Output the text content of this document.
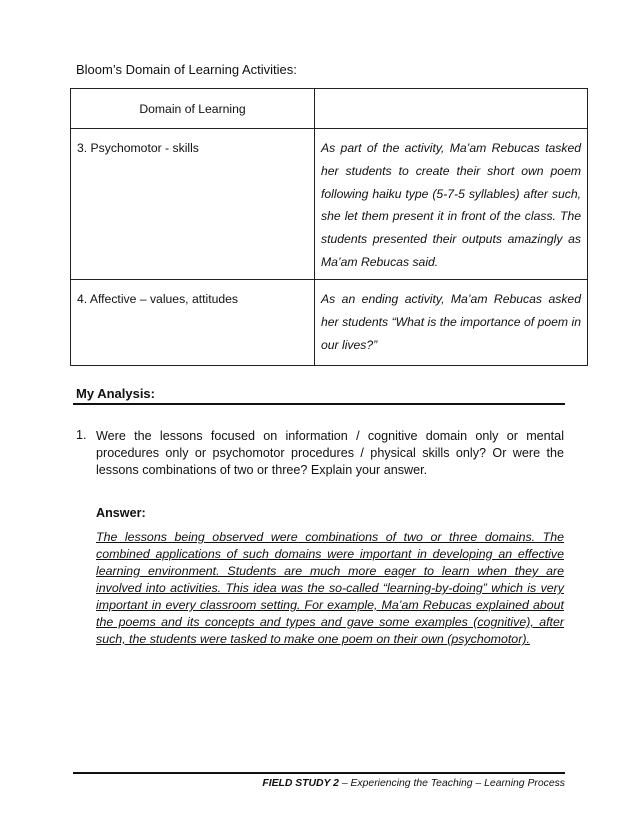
Bloom’s Domain of Learning Activities:
Domain of Learning	
3. Psychomotor - skills	As part of the activity, Ma’am Rebucas tasked her students to create their short own poem following haiku type (5-7-5 syllables) after such, she let them present it in front of the class. The students presented their outputs amazingly as Ma’am Rebucas said.
4. Affective – values, attitudes	As an ending activity, Ma’am Rebucas asked her students “What is the importance of poem in our lives?”
My Analysis:
1. Were the lessons focused on information / cognitive domain only or mental procedures only or psychomotor procedures / physical skills only? Or were the lessons combinations of two or three? Explain your answer.
Answer:
The lessons being observed were combinations of two or three domains. The combined applications of such domains were important in developing an effective learning environment. Students are much more eager to learn when they are involved into activities. This idea was the so-called “learning-by-doing” which is very important in every classroom setting. For example, Ma’am Rebucas explained about the poems and its concepts and types and gave some examples (cognitive), after such, the students were tasked to make one poem on their own (psychomotor).
FIELD STUDY 2 – Experiencing the Teaching – Learning Process
